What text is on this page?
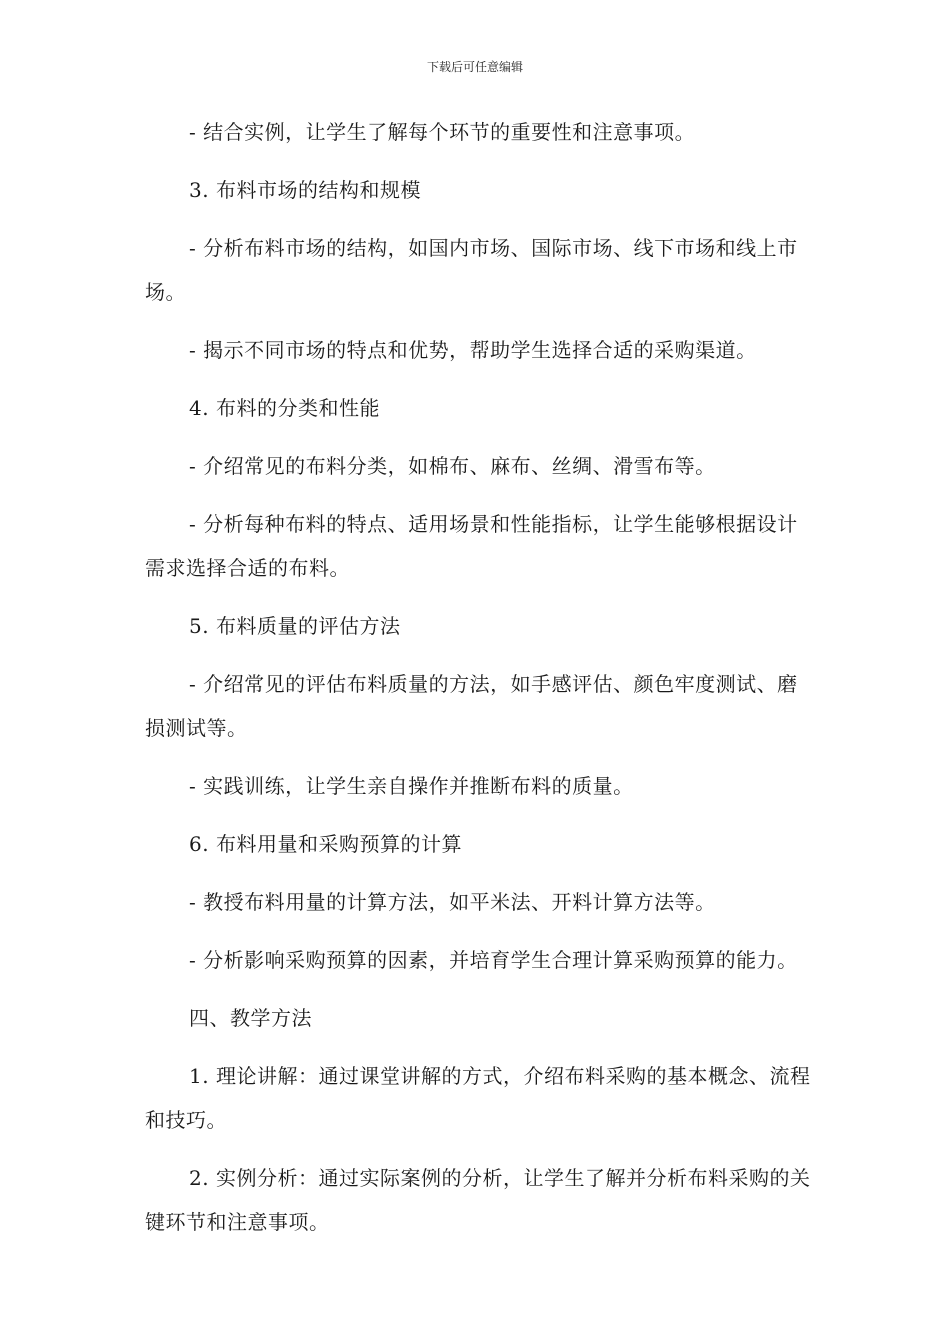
下载后可任意编辑

- 结合实例，让学生了解每个环节的重要性和注意事项。

3. 布料市场的结构和规模

- 分析布料市场的结构，如国内市场、国际市场、线下市场和线上市场。

- 揭示不同市场的特点和优势，帮助学生选择合适的采购渠道。

4. 布料的分类和性能

- 介绍常见的布料分类，如棉布、麻布、丝绸、滑雪布等。

- 分析每种布料的特点、适用场景和性能指标，让学生能够根据设计需求选择合适的布料。

5. 布料质量的评估方法

- 介绍常见的评估布料质量的方法，如手感评估、颜色牢度测试、磨损测试等。

- 实践训练，让学生亲自操作并推断布料的质量。

6. 布料用量和采购预算的计算

- 教授布料用量的计算方法，如平米法、开料计算方法等。

- 分析影响采购预算的因素，并培育学生合理计算采购预算的能力。

四、教学方法

1. 理论讲解：通过课堂讲解的方式，介绍布料采购的基本概念、流程和技巧。

2. 实例分析：通过实际案例的分析，让学生了解并分析布料采购的关键环节和注意事项。
